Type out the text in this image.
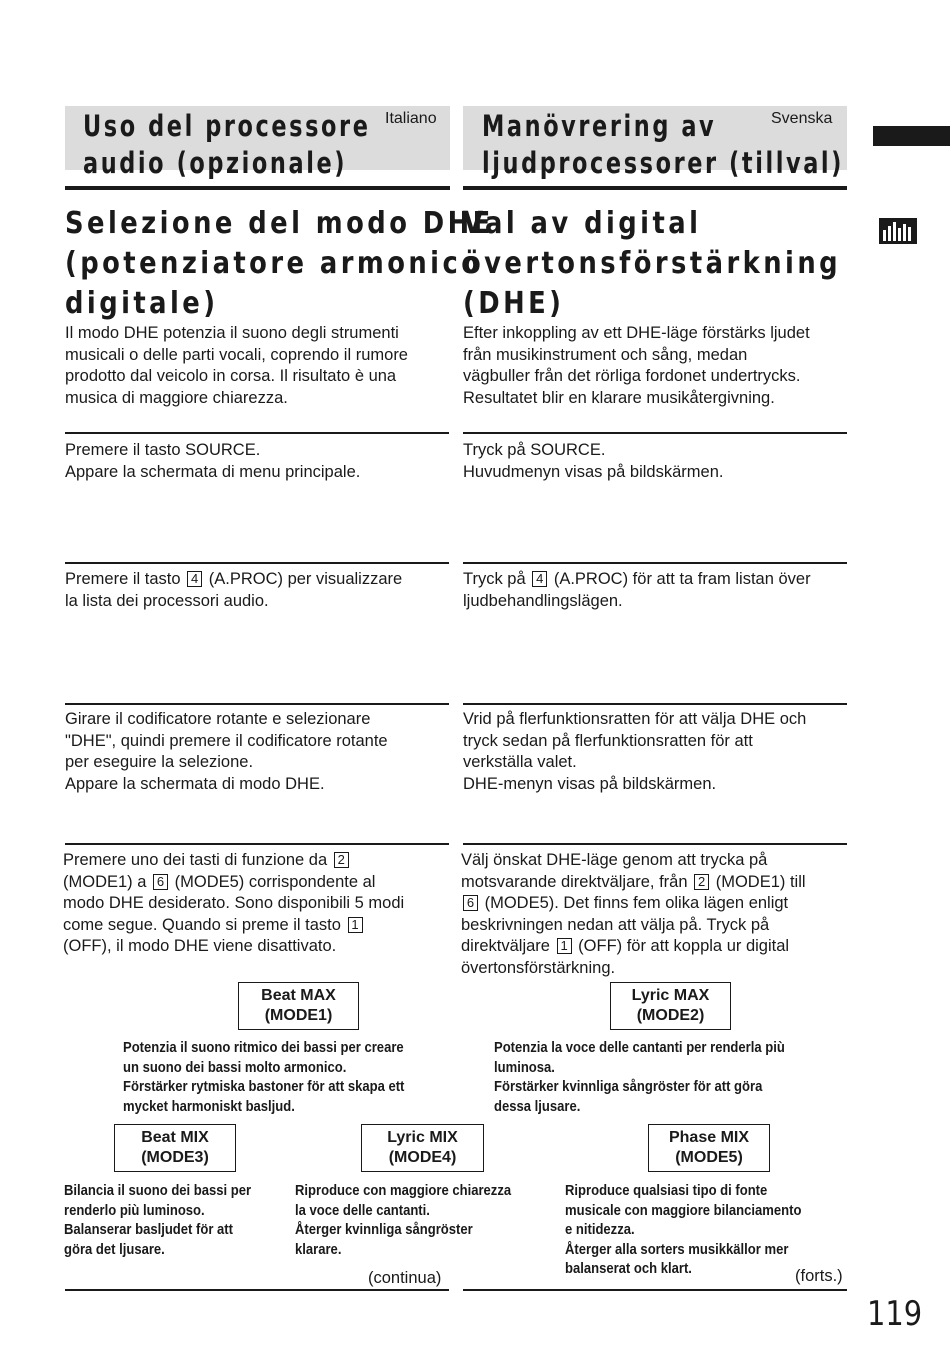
Uso del processore
audio (opzionale)
Italiano Manövrering av
ljudprocessorer (tillval)
Svenska
Selezione del modo DHE
(potenziatore armonico
digitale)
Val av digital
övertonsförstärkning
(DHE)
Il modo DHE potenzia il suono degli strumenti
musicali o delle parti vocali, coprendo il rumore
prodotto dal veicolo in corsa. Il risultato è una
musica di maggiore chiarezza.
Efter inkoppling av ett DHE-läge förstärks ljudet
från musikinstrument och sång, medan
vägbuller från det rörliga fordonet undertrycks.
Resultatet blir en klarare musikåtergivning.
Premere il tasto SOURCE.
Appare la schermata di menu principale.
Tryck på SOURCE.
Huvudmenyn visas på bildskärmen.
Premere il tasto 4 (A.PROC) per visualizzare
la lista dei processori audio.
Tryck på 4 (A.PROC) för att ta fram listan över
ljudbehandlingslägen.
Girare il codificatore rotante e selezionare
"DHE", quindi premere il codificatore rotante
per eseguire la selezione.
Appare la schermata di modo DHE.
Vrid på flerfunktionsratten för att välja DHE och
tryck sedan på flerfunktionsratten för att
verkställa valet.
DHE-menyn visas på bildskärmen.
Premere uno dei tasti di funzione da 2
(MODE1) a 6 (MODE5) corrispondente al
modo DHE desiderato. Sono disponibili 5 modi
come segue. Quando si preme il tasto 1
(OFF), il modo DHE viene disattivato.
Välj önskat DHE-läge genom att trycka på
motsvarande direktväljare, från 2 (MODE1) till
6 (MODE5). Det finns fem olika lägen enligt
beskrivningen nedan att välja på. Tryck på
direktväljare 1 (OFF) för att koppla ur digital
övertonsförstärkning.
Beat MAX
(MODE1)
Potenzia il suono ritmico dei bassi per creare
un suono dei bassi molto armonico.
Förstärker rytmiska bastoner för att skapa ett
mycket harmoniskt basljud.
Lyric MAX
(MODE2)
Potenzia la voce delle cantanti per renderla più
luminosa.
Förstärker kvinnliga sångröster för att göra
dessa ljusare.
Beat MIX
(MODE3)
Bilancia il suono dei bassi per
renderlo più luminoso.
Balanserar basljudet för att
göra det ljusare.
Lyric MIX
(MODE4)
Riproduce con maggiore chiarezza
la voce delle cantanti.
Återger kvinnliga sångröster
klarare.
Phase MIX
(MODE5)
Riproduce qualsiasi tipo di fonte
musicale con maggiore bilanciamento
e nitidezza.
Återger alla sorters musikkällor mer
balanserat och klart.
(continua)	(forts.)
119
